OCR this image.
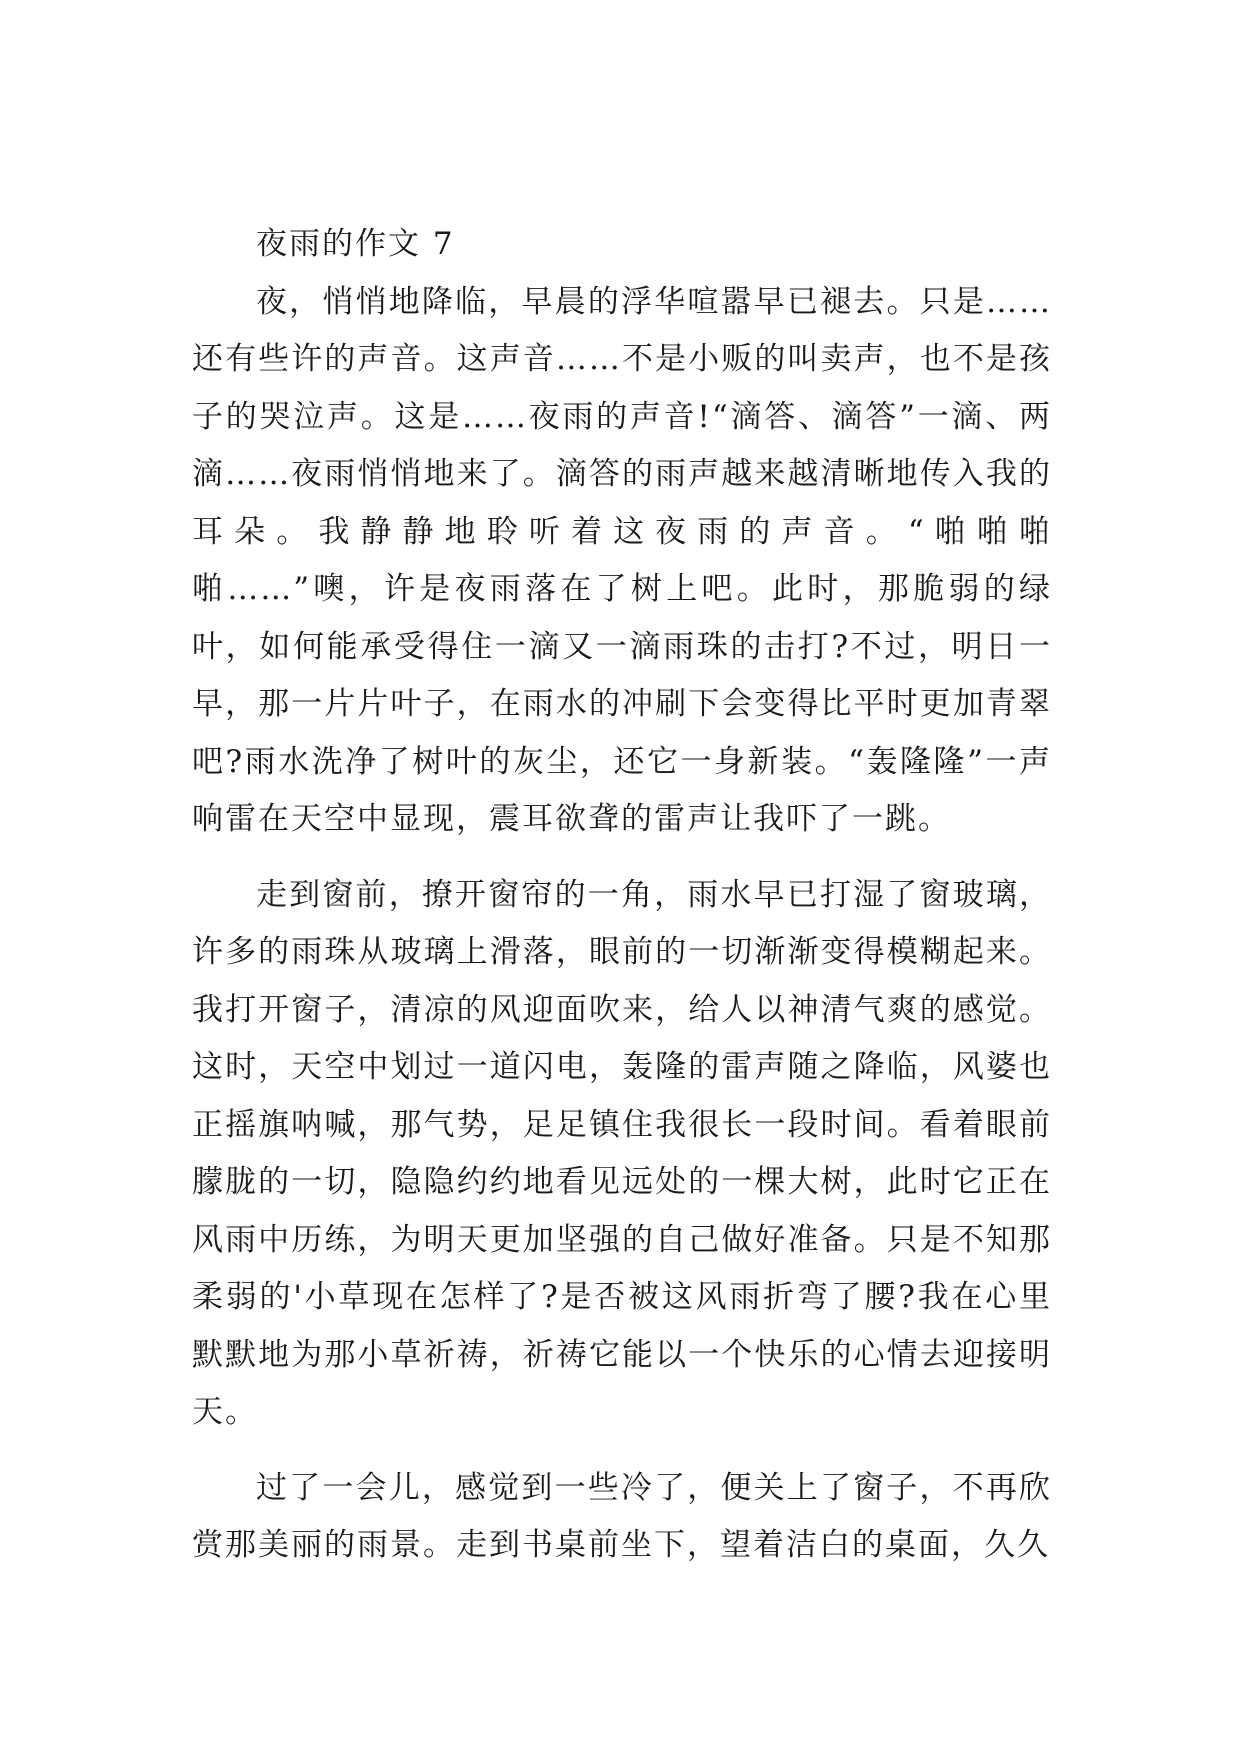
夜雨的作文 7

夜，悄悄地降临，早晨的浮华喧嚣早已褪去。只是……还有些许的声音。这声音……不是小贩的叫卖声，也不是孩子的哭泣声。这是……夜雨的声音!“滴答、滴答”一滴、两滴……夜雨悄悄地来了。滴答的雨声越来越清晰地传入我的耳朵。我静静地聆听着这夜雨的声音。“啪啪啪啪……”噢，许是夜雨落在了树上吧。此时，那脆弱的绿叶，如何能承受得住一滴又一滴雨珠的击打?不过，明日一早，那一片片叶子，在雨水的冲刷下会变得比平时更加青翠吧?雨水洗净了树叶的灰尘，还它一身新装。“轰隆隆”一声响雷在天空中显现，震耳欲聋的雷声让我吓了一跳。

走到窗前，撩开窗帘的一角，雨水早已打湿了窗玻璃，许多的雨珠从玻璃上滑落，眼前的一切渐渐变得模糊起来。我打开窗子，清凉的风迎面吹来，给人以神清气爽的感觉。这时，天空中划过一道闪电，轰隆的雷声随之降临，风婆也正摇旗呐喊，那气势，足足镇住我很长一段时间。看着眼前朦胧的一切，隐隐约约地看见远处的一棵大树，此时它正在风雨中历练，为明天更加坚强的自己做好准备。只是不知那柔弱的'小草现在怎样了?是否被这风雨折弯了腰?我在心里默默地为那小草祈祷，祈祷它能以一个快乐的心情去迎接明天。

过了一会儿，感觉到一些冷了，便关上了窗子，不再欣赏那美丽的雨景。走到书桌前坐下，望着洁白的桌面，久久
